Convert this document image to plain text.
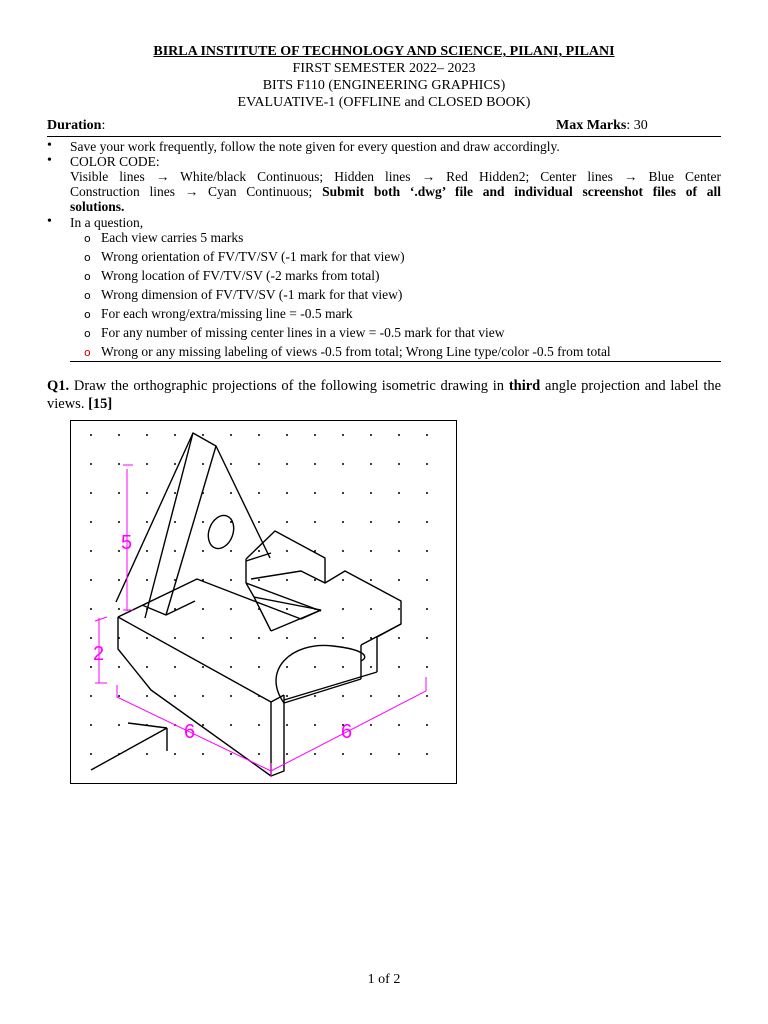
BIRLA INSTITUTE OF TECHNOLOGY AND SCIENCE, PILANI, PILANI
FIRST SEMESTER 2022– 2023
BITS F110 (ENGINEERING GRAPHICS)
EVALUATIVE-1 (OFFLINE and CLOSED BOOK)
Duration:	Max Marks: 30
• Save your work frequently, follow the note given for every question and draw accordingly.
• COLOR CODE:
Visible lines → White/black Continuous; Hidden lines → Red Hidden2; Center lines → Blue Center
Construction lines → Cyan Continuous; Submit both ‘.dwg’ file and individual screenshot files of all
solutions.
• In a question,
o Each view carries 5 marks
o Wrong orientation of FV/TV/SV (-1 mark for that view)
o Wrong location of FV/TV/SV (-2 marks from total)
o Wrong dimension of FV/TV/SV (-1 mark for that view)
o For each wrong/extra/missing line = -0.5 mark
o For any number of missing center lines in a view = -0.5 mark for that view
o Wrong or any missing labeling of views -0.5 from total; Wrong Line type/color -0.5 from total
Q1. Draw the orthographic projections of the following isometric drawing in third angle projection and label the views. [15]
5
2
6	6
1 of 2
